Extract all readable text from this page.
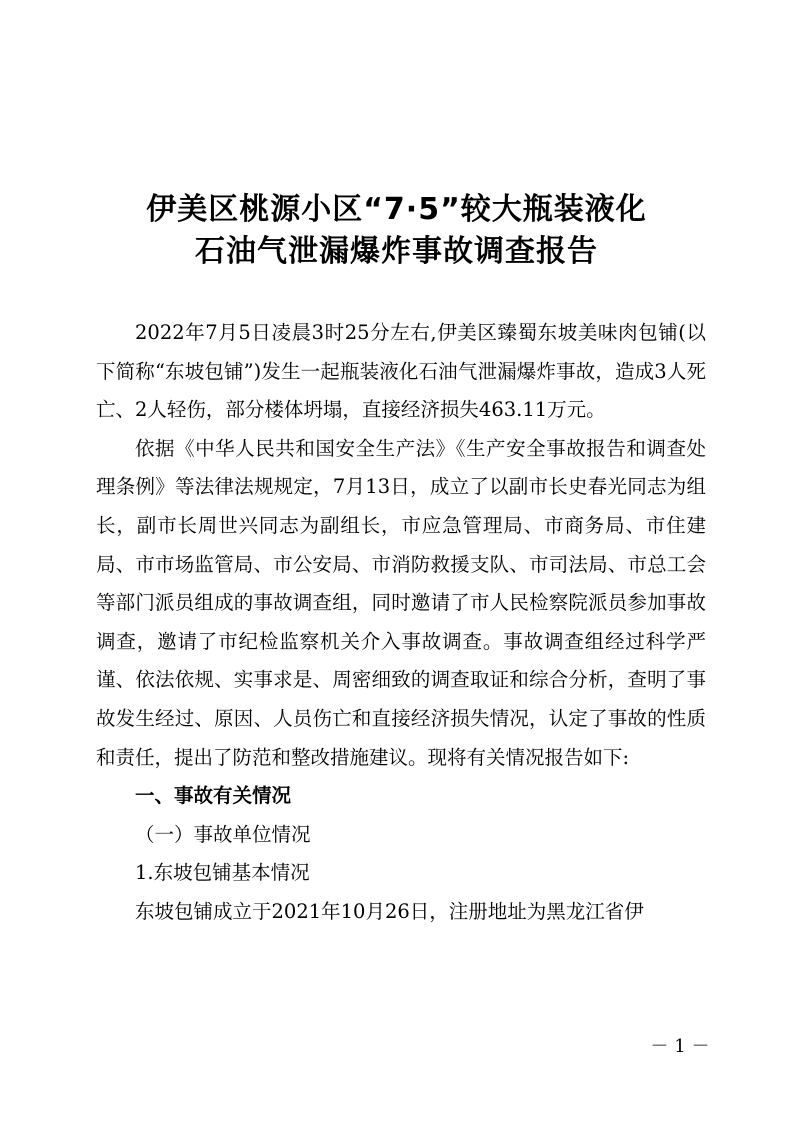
伊美区桃源小区“7·5”较大瓶装液化
石油气泄漏爆炸事故调查报告

2022年7月5日凌晨3时25分左右,伊美区臻蜀东坡美味肉包铺(以下简称“东坡包铺”)发生一起瓶装液化石油气泄漏爆炸事故，造成3人死亡、2人轻伤，部分楼体坍塌，直接经济损失463.11万元。

依据《中华人民共和国安全生产法》《生产安全事故报告和调查处理条例》等法律法规规定，7月13日，成立了以副市长史春光同志为组长，副市长周世兴同志为副组长，市应急管理局、市商务局、市住建局、市市场监管局、市公安局、市消防救援支队、市司法局、市总工会等部门派员组成的事故调查组，同时邀请了市人民检察院派员参加事故调查，邀请了市纪检监察机关介入事故调查。事故调查组经过科学严谨、依法依规、实事求是、周密细致的调查取证和综合分析，查明了事故发生经过、原因、人员伤亡和直接经济损失情况，认定了事故的性质和责任，提出了防范和整改措施建议。现将有关情况报告如下:

一、事故有关情况

（一）事故单位情况

1.东坡包铺基本情况

东坡包铺成立于2021年10月26日，注册地址为黑龙江省伊

－ 1 －
